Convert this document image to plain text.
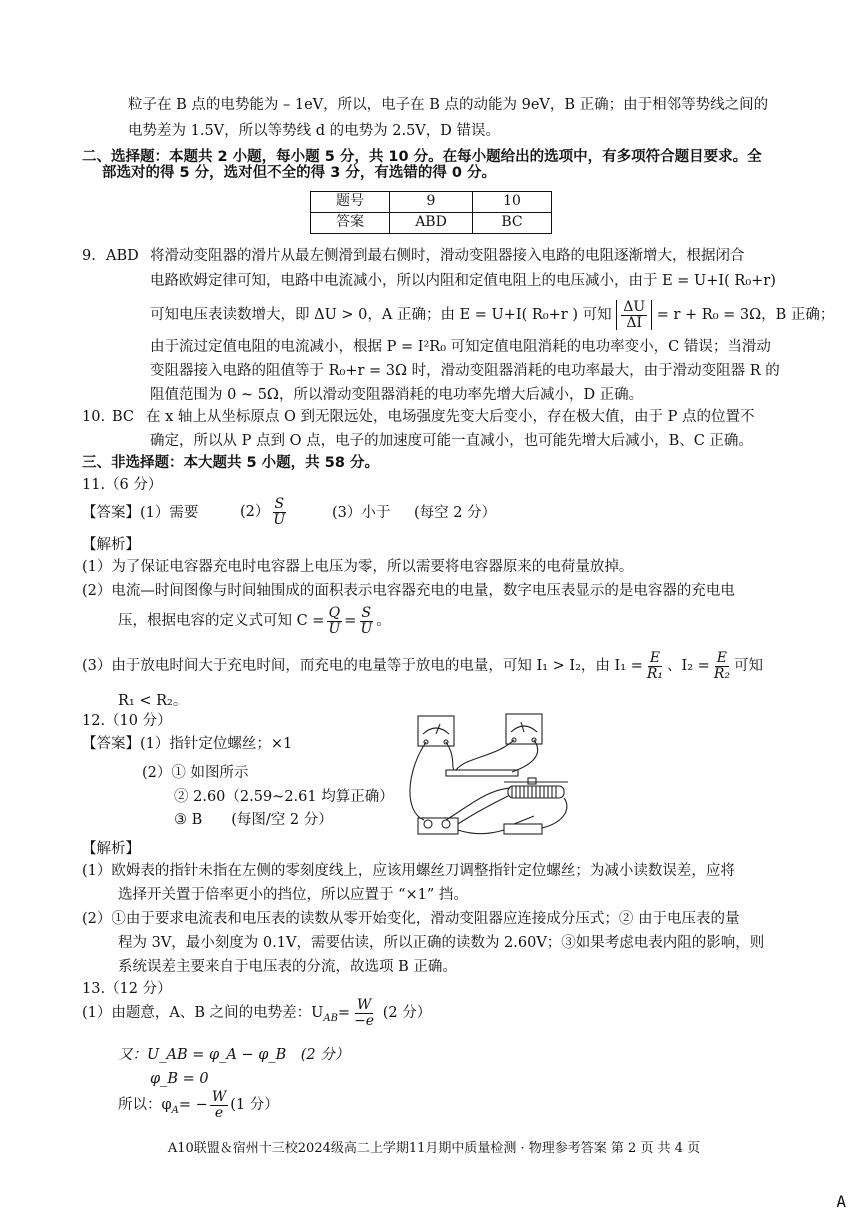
粒子在 B 点的电势能为 – 1eV，所以，电子在 B 点的动能为 9eV，B 正确；由于相邻等势线之间的
电势差为 1.5V，所以等势线 d 的电势为 2.5V，D 错误。
二、选择题：本题共 2 小题，每小题 5 分，共 10 分。在每小题给出的选项中，有多项符合题目要求。全
部选对的得 5 分，选对但不全的得 3 分，有选错的得 0 分。
题号	9	10
答案	ABD	BC
9. ABD 将滑动变阻器的滑片从最左侧滑到最右侧时，滑动变阻器接入电路的电阻逐渐增大，根据闭合
电路欧姆定律可知，电路中电流减小，所以内阻和定值电阻上的电压减小，由于 E = U+I( R₀+r)
可知电压表读数增大，即 ΔU > 0，A 正确；由 E = U+I( R₀+r ) 可知 $\frac{\Delta U}{\Delta I} = r + R_0 = 3\Omega$，B 正确；
由于流过定值电阻的电流减小，根据 P = I²R₀ 可知定值电阻消耗的电功率变小，C 错误；当滑动
变阻器接入电路的阻值等于 R₀+r = 3Ω 时，滑动变阻器消耗的电功率最大，由于滑动变阻器 R 的
阻值范围为 0 ~ 5Ω，所以滑动变阻器消耗的电功率先增大后减小，D 正确。
10. BC 在 x 轴上从坐标原点 O 到无限远处，电场强度先变大后变小，存在极大值，由于 P 点的位置不
确定，所以从 P 点到 O 点，电子的加速度可能一直减小，也可能先增大后减小，B、C 正确。
三、非选择题：本大题共 5 小题，共 58 分。
11.（6 分）
【答案】(1）需要	$(2) \frac{S}{U}$	(3）小于 (每空 2 分）
【解析】
(1）为了保证电容器充电时电容器上电压为零，所以需要将电容器原来的电荷量放掉。
(2）电流—时间图像与时间轴围成的面积表示电容器充电的电量，数字电压表显示的是电容器的充电电
压，根据电容的定义式可知 $C = \frac{Q}{U} = \frac{S}{U}$ 。
(3）由于放电时间大于充电时间，而充电的电量等于放电的电量，可知 I₁ > I₂，由 $I_1 = \frac{E}{\text{R₁}}$ 、$I_2 = \frac{E}{\text{R₂}}$ 可知
R₁ < R₂。
12.（10 分）
【答案】(1）指针定位螺丝；×1
(2）① 如图所示
② 2.60（2.59~2.61 均算正确）
③ B　　(每图/空 2 分）
【解析】
(1）欧姆表的指针未指在左侧的零刻度线上，应该用螺丝刀调整指针定位螺丝；为减小读数误差，应将
选择开关置于倍率更小的挡位，所以应置于 “×1” 挡。
(2）①由于要求电流表和电压表的读数从零开始变化，滑动变阻器应连接成分压式；② 由于电压表的量
程为 3V，最小刻度为 0.1V，需要估读，所以正确的读数为 2.60V；③如果考虑电表内阻的影响，则
系统误差主要来自于电压表的分流，故选项 B 正确。
13.（12 分）
(1）由题意，A、B 之间的电势差：$U_{AB}= \frac{W}{-e} (2$ 分）
又：U_AB = φ_A − φ_B　(2 分）
φ_B = 0
所以：$\varphi_A= - \frac{W}{e} (1$ 分）
A10联盟＆宿州十三校2024级高二上学期11月期中质量检测 · 物理参考答案 第 2 页 共 4 页
A
